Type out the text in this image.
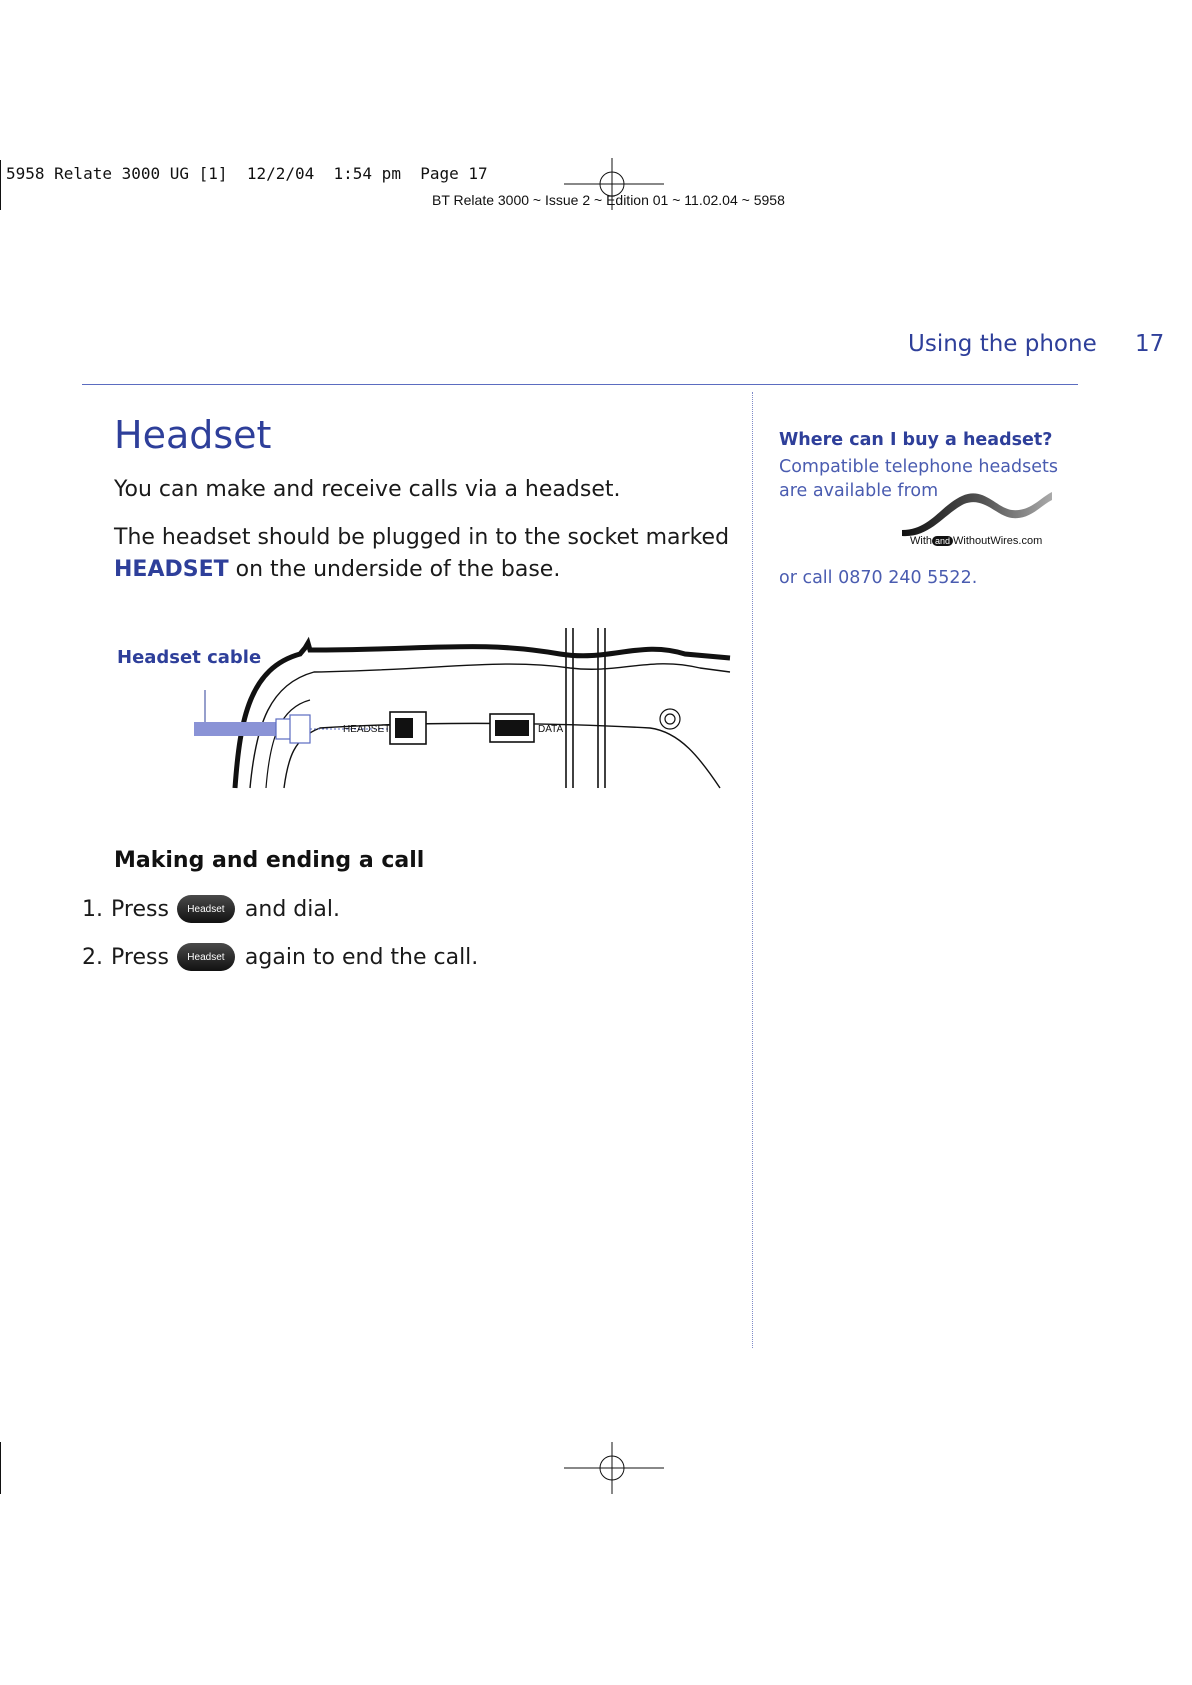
5958 Relate 3000 UG [1]  12/2/04  1:54 pm  Page 17
BT Relate 3000 ~ Issue 2 ~ Edition 01 ~ 11.02.04 ~ 5958
Using the phone 17
Headset
You can make and receive calls via a headset.
The headset should be plugged in to the socket marked
HEADSET on the underside of the base.
Headset cable
HEADSET	DATA
Making and ending a call
1. Press	Headset and dial.
2. Press	Headset again to end the call.
Where can I buy a headset?
Compatible telephone headsets are available from
With and WithoutWires.com
or call 0870 240 5522.
